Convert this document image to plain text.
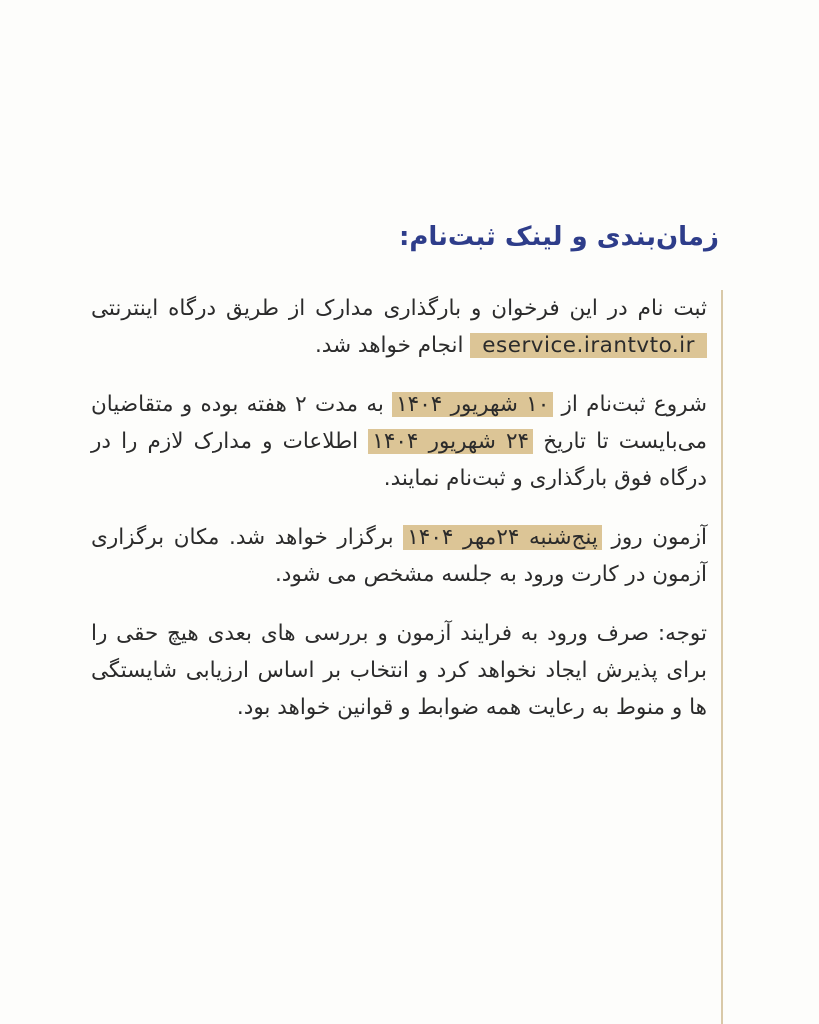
زمان‌بندی و لینک ثبت‌نام:

ثبت نام در این فرخوان و بارگذاری مدارک از طریق درگاه اینترنتی eservice.irantvto.ir انجام خواهد شد.

شروع ثبت‌نام از ۱۰ شهریور ۱۴۰۴ به مدت ۲ هفته بوده و متقاضیان می‌بایست تا تاریخ ۲۴ شهریور ۱۴۰۴ اطلاعات و مدارک لازم را در درگاه فوق بارگذاری و ثبت‌نام نمایند.

آزمون روز پنج‌شنبه ۲۴مهر ۱۴۰۴ برگزار خواهد شد. مکان برگزاری آزمون در کارت ورود به جلسه مشخص می شود.

توجه: صرف ورود به فرایند آزمون و بررسی های بعدی هیچ حقی را برای پذیرش ایجاد نخواهد کرد و انتخاب بر اساس ارزیابی شایستگی ها و منوط به رعایت همه ضوابط و قوانین خواهد بود.
